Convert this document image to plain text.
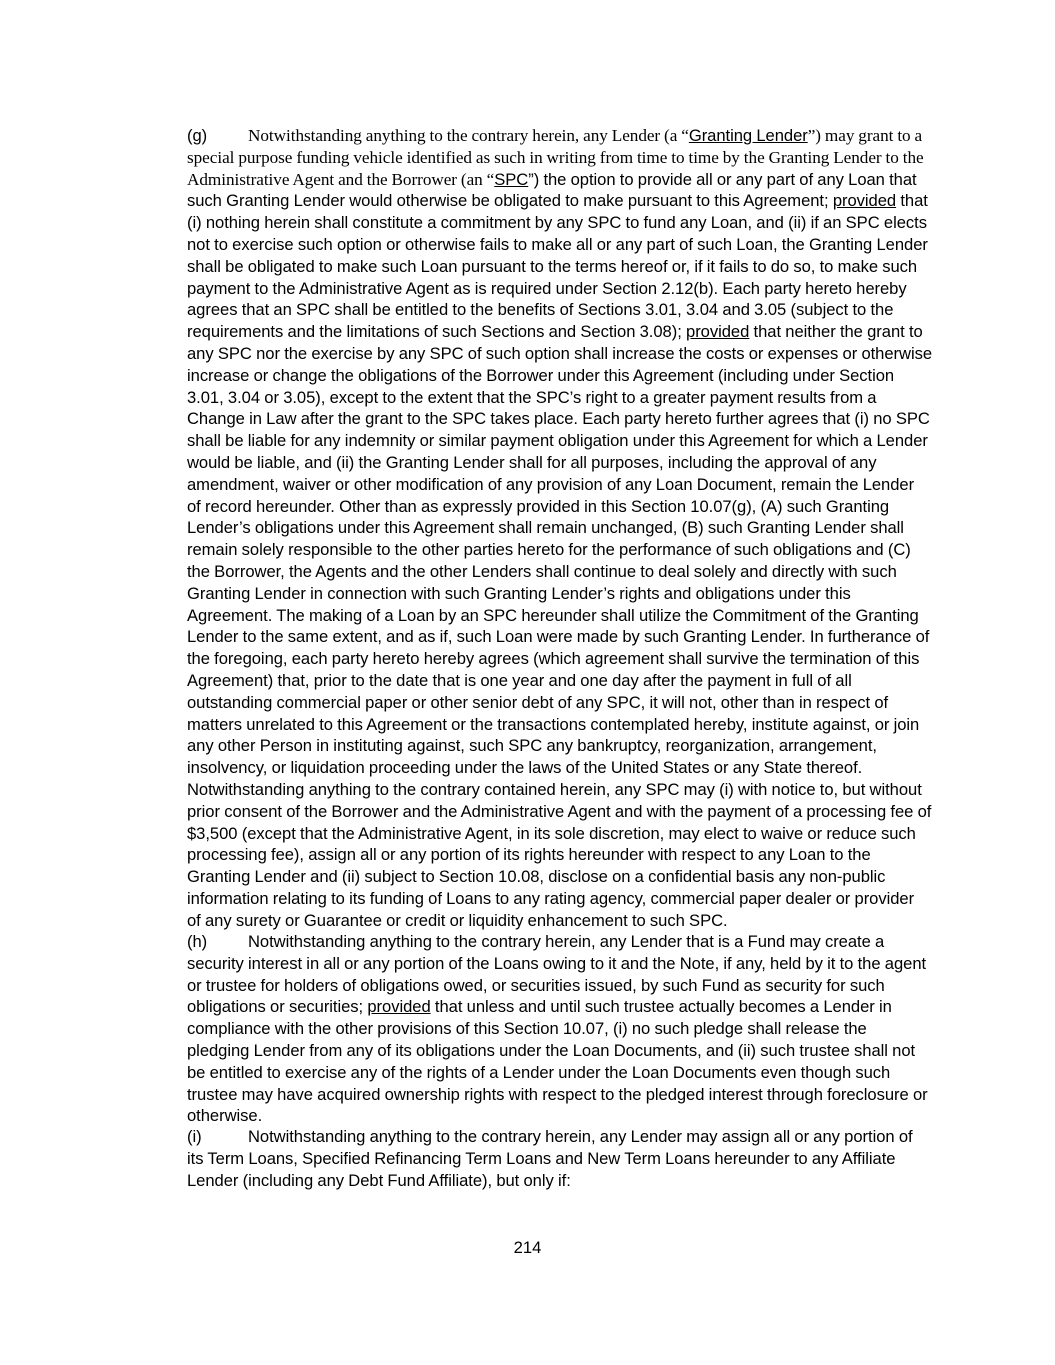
(g) Notwithstanding anything to the contrary herein, any Lender (a “Granting Lender”) may grant to a special purpose funding vehicle identified as such in writing from time to time by the Granting Lender to the Administrative Agent and the Borrower (an “SPC”) the option to provide all or any part of any Loan that such Granting Lender would otherwise be obligated to make pursuant to this Agreement; provided that (i) nothing herein shall constitute a commitment by any SPC to fund any Loan, and (ii) if an SPC elects not to exercise such option or otherwise fails to make all or any part of such Loan, the Granting Lender shall be obligated to make such Loan pursuant to the terms hereof or, if it fails to do so, to make such payment to the Administrative Agent as is required under Section 2.12(b). Each party hereto hereby agrees that an SPC shall be entitled to the benefits of Sections 3.01, 3.04 and 3.05 (subject to the requirements and the limitations of such Sections and Section 3.08); provided that neither the grant to any SPC nor the exercise by any SPC of such option shall increase the costs or expenses or otherwise increase or change the obligations of the Borrower under this Agreement (including under Section 3.01, 3.04 or 3.05), except to the extent that the SPC’s right to a greater payment results from a Change in Law after the grant to the SPC takes place. Each party hereto further agrees that (i) no SPC shall be liable for any indemnity or similar payment obligation under this Agreement for which a Lender would be liable, and (ii) the Granting Lender shall for all purposes, including the approval of any amendment, waiver or other modification of any provision of any Loan Document, remain the Lender of record hereunder. Other than as expressly provided in this Section 10.07(g), (A) such Granting Lender’s obligations under this Agreement shall remain unchanged, (B) such Granting Lender shall remain solely responsible to the other parties hereto for the performance of such obligations and (C) the Borrower, the Agents and the other Lenders shall continue to deal solely and directly with such Granting Lender in connection with such Granting Lender’s rights and obligations under this Agreement. The making of a Loan by an SPC hereunder shall utilize the Commitment of the Granting Lender to the same extent, and as if, such Loan were made by such Granting Lender. In furtherance of the foregoing, each party hereto hereby agrees (which agreement shall survive the termination of this Agreement) that, prior to the date that is one year and one day after the payment in full of all outstanding commercial paper or other senior debt of any SPC, it will not, other than in respect of matters unrelated to this Agreement or the transactions contemplated hereby, institute against, or join any other Person in instituting against, such SPC any bankruptcy, reorganization, arrangement, insolvency, or liquidation proceeding under the laws of the United States or any State thereof. Notwithstanding anything to the contrary contained herein, any SPC may (i) with notice to, but without prior consent of the Borrower and the Administrative Agent and with the payment of a processing fee of $3,500 (except that the Administrative Agent, in its sole discretion, may elect to waive or reduce such processing fee), assign all or any portion of its rights hereunder with respect to any Loan to the Granting Lender and (ii) subject to Section 10.08, disclose on a confidential basis any non-public information relating to its funding of Loans to any rating agency, commercial paper dealer or provider of any surety or Guarantee or credit or liquidity enhancement to such SPC.
(h) Notwithstanding anything to the contrary herein, any Lender that is a Fund may create a security interest in all or any portion of the Loans owing to it and the Note, if any, held by it to the agent or trustee for holders of obligations owed, or securities issued, by such Fund as security for such obligations or securities; provided that unless and until such trustee actually becomes a Lender in compliance with the other provisions of this Section 10.07, (i) no such pledge shall release the pledging Lender from any of its obligations under the Loan Documents, and (ii) such trustee shall not be entitled to exercise any of the rights of a Lender under the Loan Documents even though such trustee may have acquired ownership rights with respect to the pledged interest through foreclosure or otherwise.
(i)	Notwithstanding anything to the contrary herein, any Lender may assign all or any portion of its Term Loans, Specified Refinancing Term Loans and New Term Loans hereunder to any Affiliate Lender (including any Debt Fund Affiliate), but only if:
214
